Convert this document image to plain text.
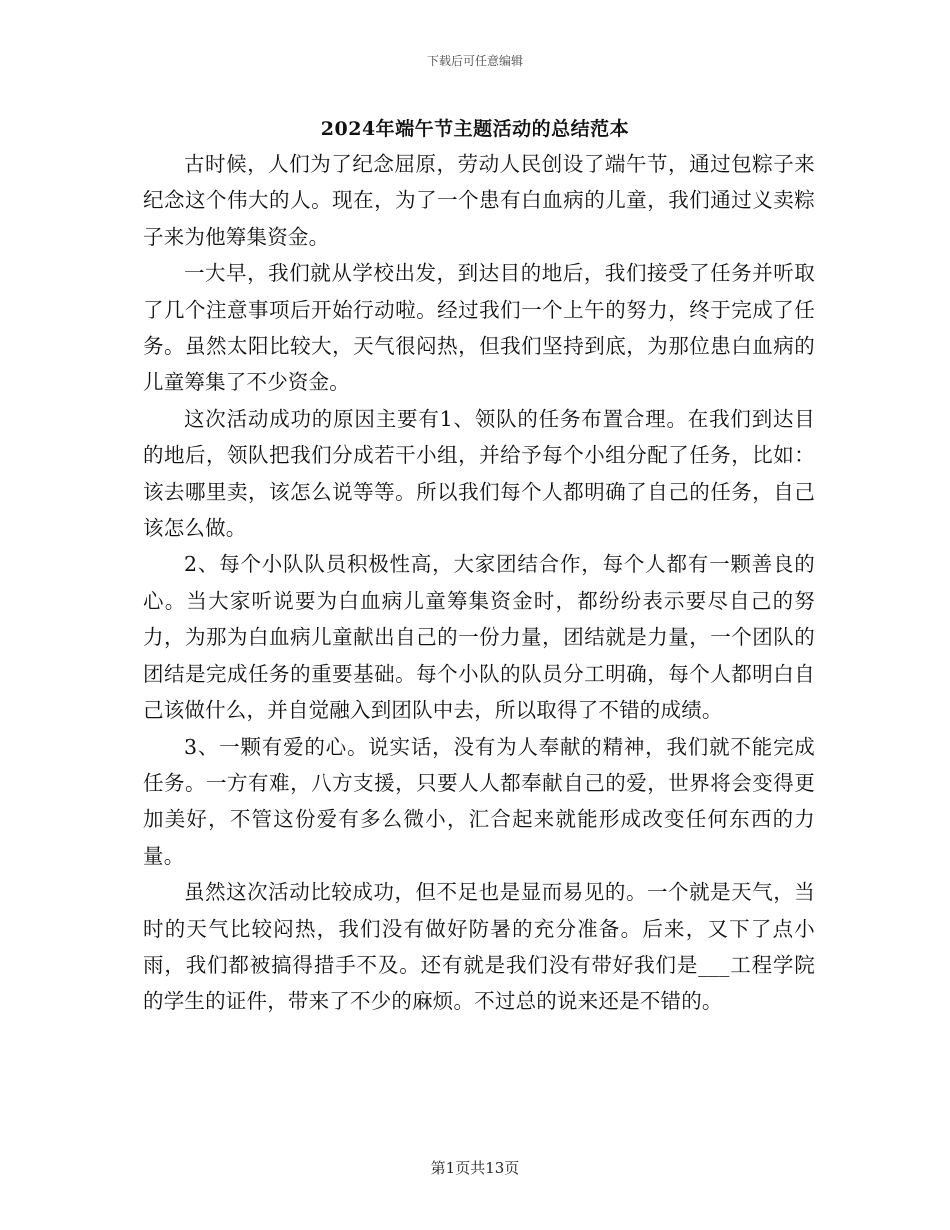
下载后可任意编辑
2024年端午节主题活动的总结范本

古时候，人们为了纪念屈原，劳动人民创设了端午节，通过包粽子来纪念这个伟大的人。现在，为了一个患有白血病的儿童，我们通过义卖粽子来为他筹集资金。

一大早，我们就从学校出发，到达目的地后，我们接受了任务并听取了几个注意事项后开始行动啦。经过我们一个上午的努力，终于完成了任务。虽然太阳比较大，天气很闷热，但我们坚持到底，为那位患白血病的儿童筹集了不少资金。

这次活动成功的原因主要有1、领队的任务布置合理。在我们到达目的地后，领队把我们分成若干小组，并给予每个小组分配了任务，比如：该去哪里卖，该怎么说等等。所以我们每个人都明确了自己的任务，自己该怎么做。

2、每个小队队员积极性高，大家团结合作，每个人都有一颗善良的心。当大家听说要为白血病儿童筹集资金时，都纷纷表示要尽自己的努力，为那为白血病儿童献出自己的一份力量，团结就是力量，一个团队的团结是完成任务的重要基础。每个小队的队员分工明确，每个人都明白自己该做什么，并自觉融入到团队中去，所以取得了不错的成绩。

3、一颗有爱的心。说实话，没有为人奉献的精神，我们就不能完成任务。一方有难，八方支援，只要人人都奉献自己的爱，世界将会变得更加美好，不管这份爱有多么微小，汇合起来就能形成改变任何东西的力量。

虽然这次活动比较成功，但不足也是显而易见的。一个就是天气，当时的天气比较闷热，我们没有做好防暑的充分准备。后来，又下了点小雨，我们都被搞得措手不及。还有就是我们没有带好我们是___工程学院的学生的证件，带来了不少的麻烦。不过总的说来还是不错的。

第1页共13页
